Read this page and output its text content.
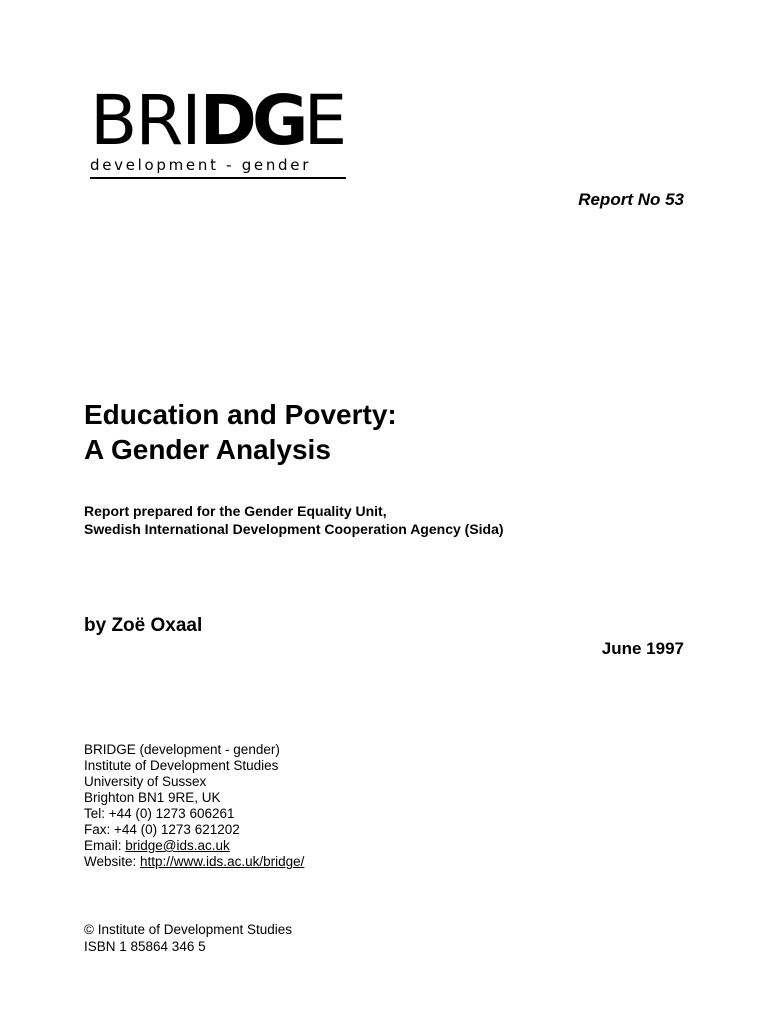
BRIDGE
development - gender
Report No 53
Education and Poverty:
A Gender Analysis
Report prepared for the Gender Equality Unit,
Swedish International Development Cooperation Agency (Sida)
by Zoë Oxaal
June 1997
BRIDGE (development - gender)
Institute of Development Studies
University of Sussex
Brighton BN1 9RE, UK
Tel: +44 (0) 1273 606261
Fax: +44 (0) 1273 621202
Email: bridge@ids.ac.uk
Website: http://www.ids.ac.uk/bridge/
© Institute of Development Studies
ISBN 1 85864 346 5
